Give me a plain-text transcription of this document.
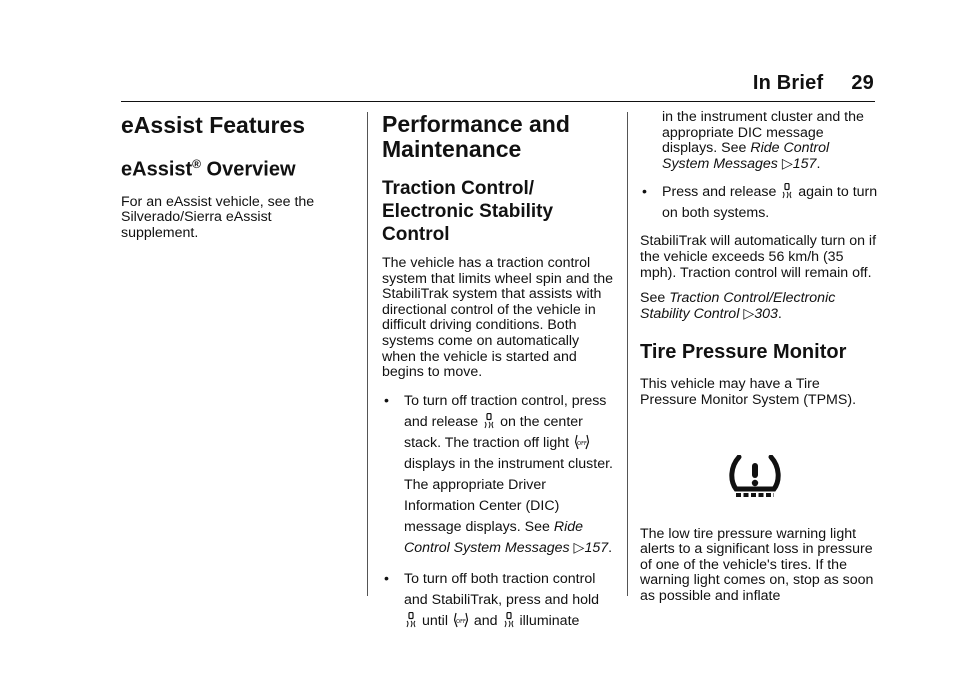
In Brief 29
eAssist Features
eAssist® Overview

For an eAssist vehicle, see the Silverado/Sierra eAssist supplement.

Performance and Maintenance
Traction Control/ Electronic Stability Control

The vehicle has a traction control system that limits wheel spin and the StabiliTrak system that assists with directional control of the vehicle in difficult driving conditions. Both systems come on automatically when the vehicle is started and begins to move.

• To turn off traction control, press and release on the center stack. The traction off light OFF
displays in the instrument cluster. The appropriate Driver Information Center (DIC) message displays. See Ride Control System Messages ▷157.
• To turn off both traction control and StabiliTrak, press and hold  until OFF and illuminate

in the instrument cluster and the appropriate DIC message displays. See Ride Control System Messages ▷157.

• Press and release again to turn on both systems.

StabiliTrak will automatically turn on if the vehicle exceeds 56 km/h (35 mph). Traction control will remain off.

See Traction Control/Electronic Stability Control ▷303.

Tire Pressure Monitor

This vehicle may have a Tire Pressure Monitor System (TPMS).

The low tire pressure warning light alerts to a significant loss in pressure of one of the vehicle's tires. If the warning light comes on, stop as soon as possible and inflate
